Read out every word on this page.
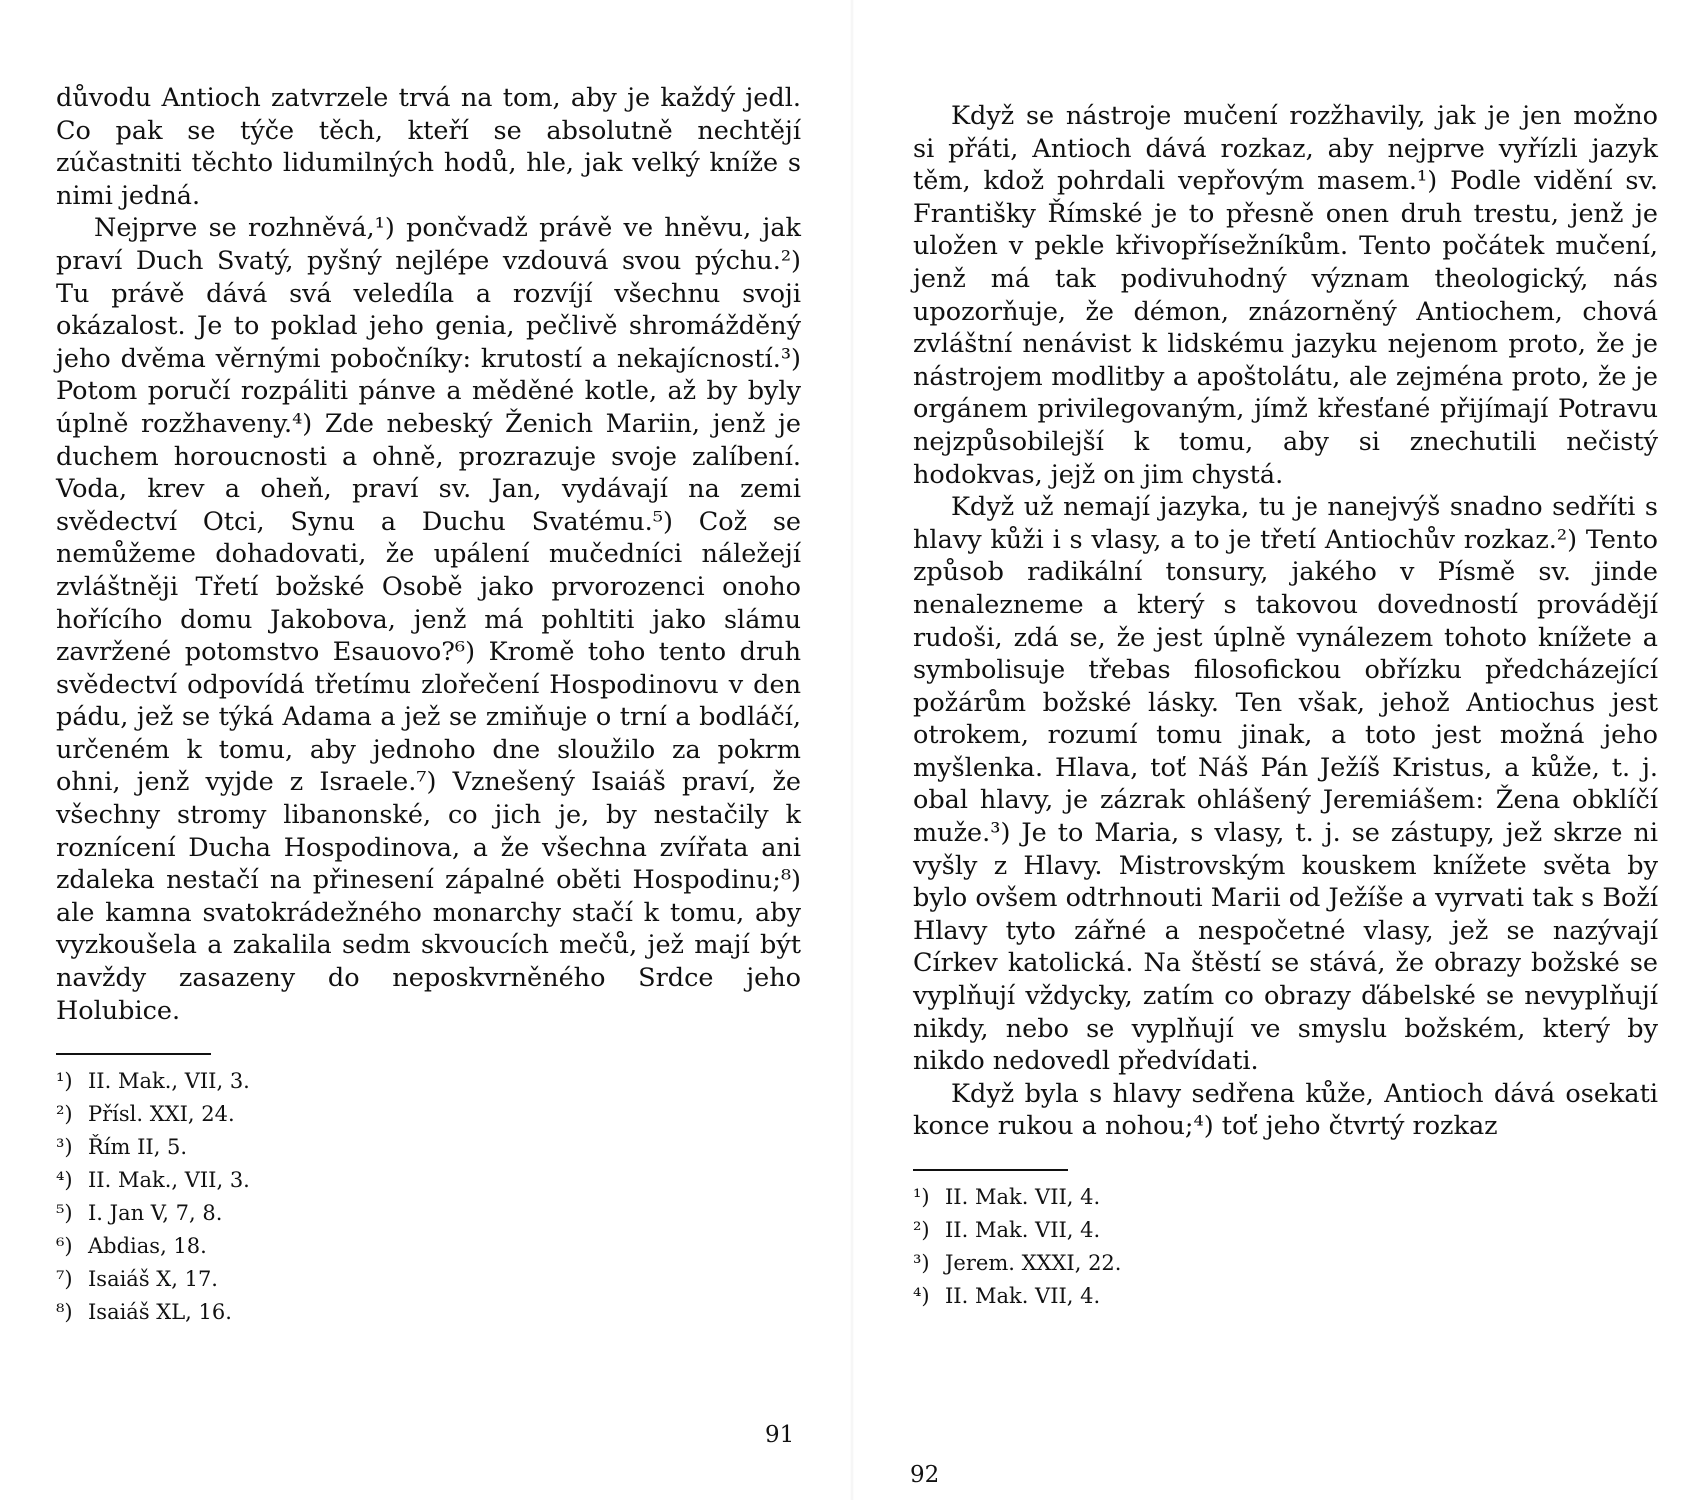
důvodu Antioch zatvrzele trvá na tom, aby je každý jedl. Co pak se týče těch, kteří se absolutně nechtějí zúčastniti těchto lidumilných hodů, hle, jak velký kníže s nimi jedná.

Nejprve se rozhněvá,¹) pončvadž právě ve hněvu, jak praví Duch Svatý, pyšný nejlépe vzdouvá svou pýchu.²) Tu právě dává svá veledíla a rozvíjí všechnu svoji okázalost. Je to poklad jeho genia, pečlivě shromážděný jeho dvěma věrnými pobočníky: krutostí a nekajícností.³) Potom poručí rozpáliti pánve a měděné kotle, až by byly úplně rozžhaveny.⁴) Zde nebeský Ženich Mariin, jenž je duchem horoucnosti a ohně, prozrazuje svoje zalíbení. Voda, krev a oheň, praví sv. Jan, vydávají na zemi svědectví Otci, Synu a Duchu Svatému.⁵) Což se nemůžeme dohadovati, že upálení mučedníci náležejí zvláštněji Třetí božské Osobě jako prvorozenci onoho hořícího domu Jakobova, jenž má pohltiti jako slámu zavržené potomstvo Esauovo?⁶) Kromě toho tento druh svědectví odpovídá třetímu zlořečení Hospodinovu v den pádu, jež se týká Adama a jež se zmiňuje o trní a bodláčí, určeném k tomu, aby jednoho dne sloužilo za pokrm ohni, jenž vyjde z Israele.⁷) Vznešený Isaiáš praví, že všechny stromy libanonské, co jich je, by nestačily k roznícení Ducha Hospodinova, a že všechna zvířata ani zdaleka nestačí na přinesení zápalné oběti Hospodinu;⁸) ale kamna svatokrádežného monarchy stačí k tomu, aby vyzkoušela a zakalila sedm skvoucích mečů, jež mají být navždy zasazeny do neposkvrněného Srdce jeho Holubice.

¹) II. Mak., VII, 3.
²) Přísl. XXI, 24.
³) Řím II, 5.
⁴) II. Mak., VII, 3.
⁵) I. Jan V, 7, 8.
⁶) Abdias, 18.
⁷) Isaiáš X, 17.
⁸) Isaiáš XL, 16.
91

Když se nástroje mučení rozžhavily, jak je jen možno si přáti, Antioch dává rozkaz, aby nejprve vyřízli jazyk těm, kdož pohrdali vepřovým masem.¹) Podle vidění sv. Františky Římské je to přesně onen druh trestu, jenž je uložen v pekle křivopřísežníkům. Tento počátek mučení, jenž má tak podivuhodný význam theologický, nás upozorňuje, že démon, znázorněný Antiochem, chová zvláštní nenávist k lidskému jazyku nejenom proto, že je nástrojem modlitby a apoštolátu, ale zejména proto, že je orgánem privilegovaným, jímž křesťané přijímají Potravu nejzpůsobilejší k tomu, aby si znechutili nečistý hodokvas, jejž on jim chystá.

Když už nemají jazyka, tu je nanejvýš snadno sedříti s hlavy kůži i s vlasy, a to je třetí Antiochův rozkaz.²) Tento způsob radikální tonsury, jakého v Písmě sv. jinde nenalezneme a který s takovou dovedností provádějí rudoši, zdá se, že jest úplně vynálezem tohoto knížete a symbolisuje třebas filosofickou obřízku předcházející požárům božské lásky. Ten však, jehož Antiochus jest otrokem, rozumí tomu jinak, a toto jest možná jeho myšlenka. Hlava, toť Náš Pán Ježíš Kristus, a kůže, t. j. obal hlavy, je zázrak ohlášený Jeremiášem: Žena obklíčí muže.³) Je to Maria, s vlasy, t. j. se zástupy, jež skrze ni vyšly z Hlavy. Mistrovským kouskem knížete světa by bylo ovšem odtrhnouti Marii od Ježíše a vyrvati tak s Boží Hlavy tyto zářné a nespočetné vlasy, jež se nazývají Církev katolická. Na štěstí se stává, že obrazy božské se vyplňují vždycky, zatím co obrazy ďábelské se nevyplňují nikdy, nebo se vyplňují ve smyslu božském, který by nikdo nedovedl předvídati.

Když byla s hlavy sedřena kůže, Antioch dává osekati konce rukou a nohou;⁴) toť jeho čtvrtý rozkaz

¹) II. Mak. VII, 4.
²) II. Mak. VII, 4.
³) Jerem. XXXI, 22.
⁴) II. Mak. VII, 4.
92
